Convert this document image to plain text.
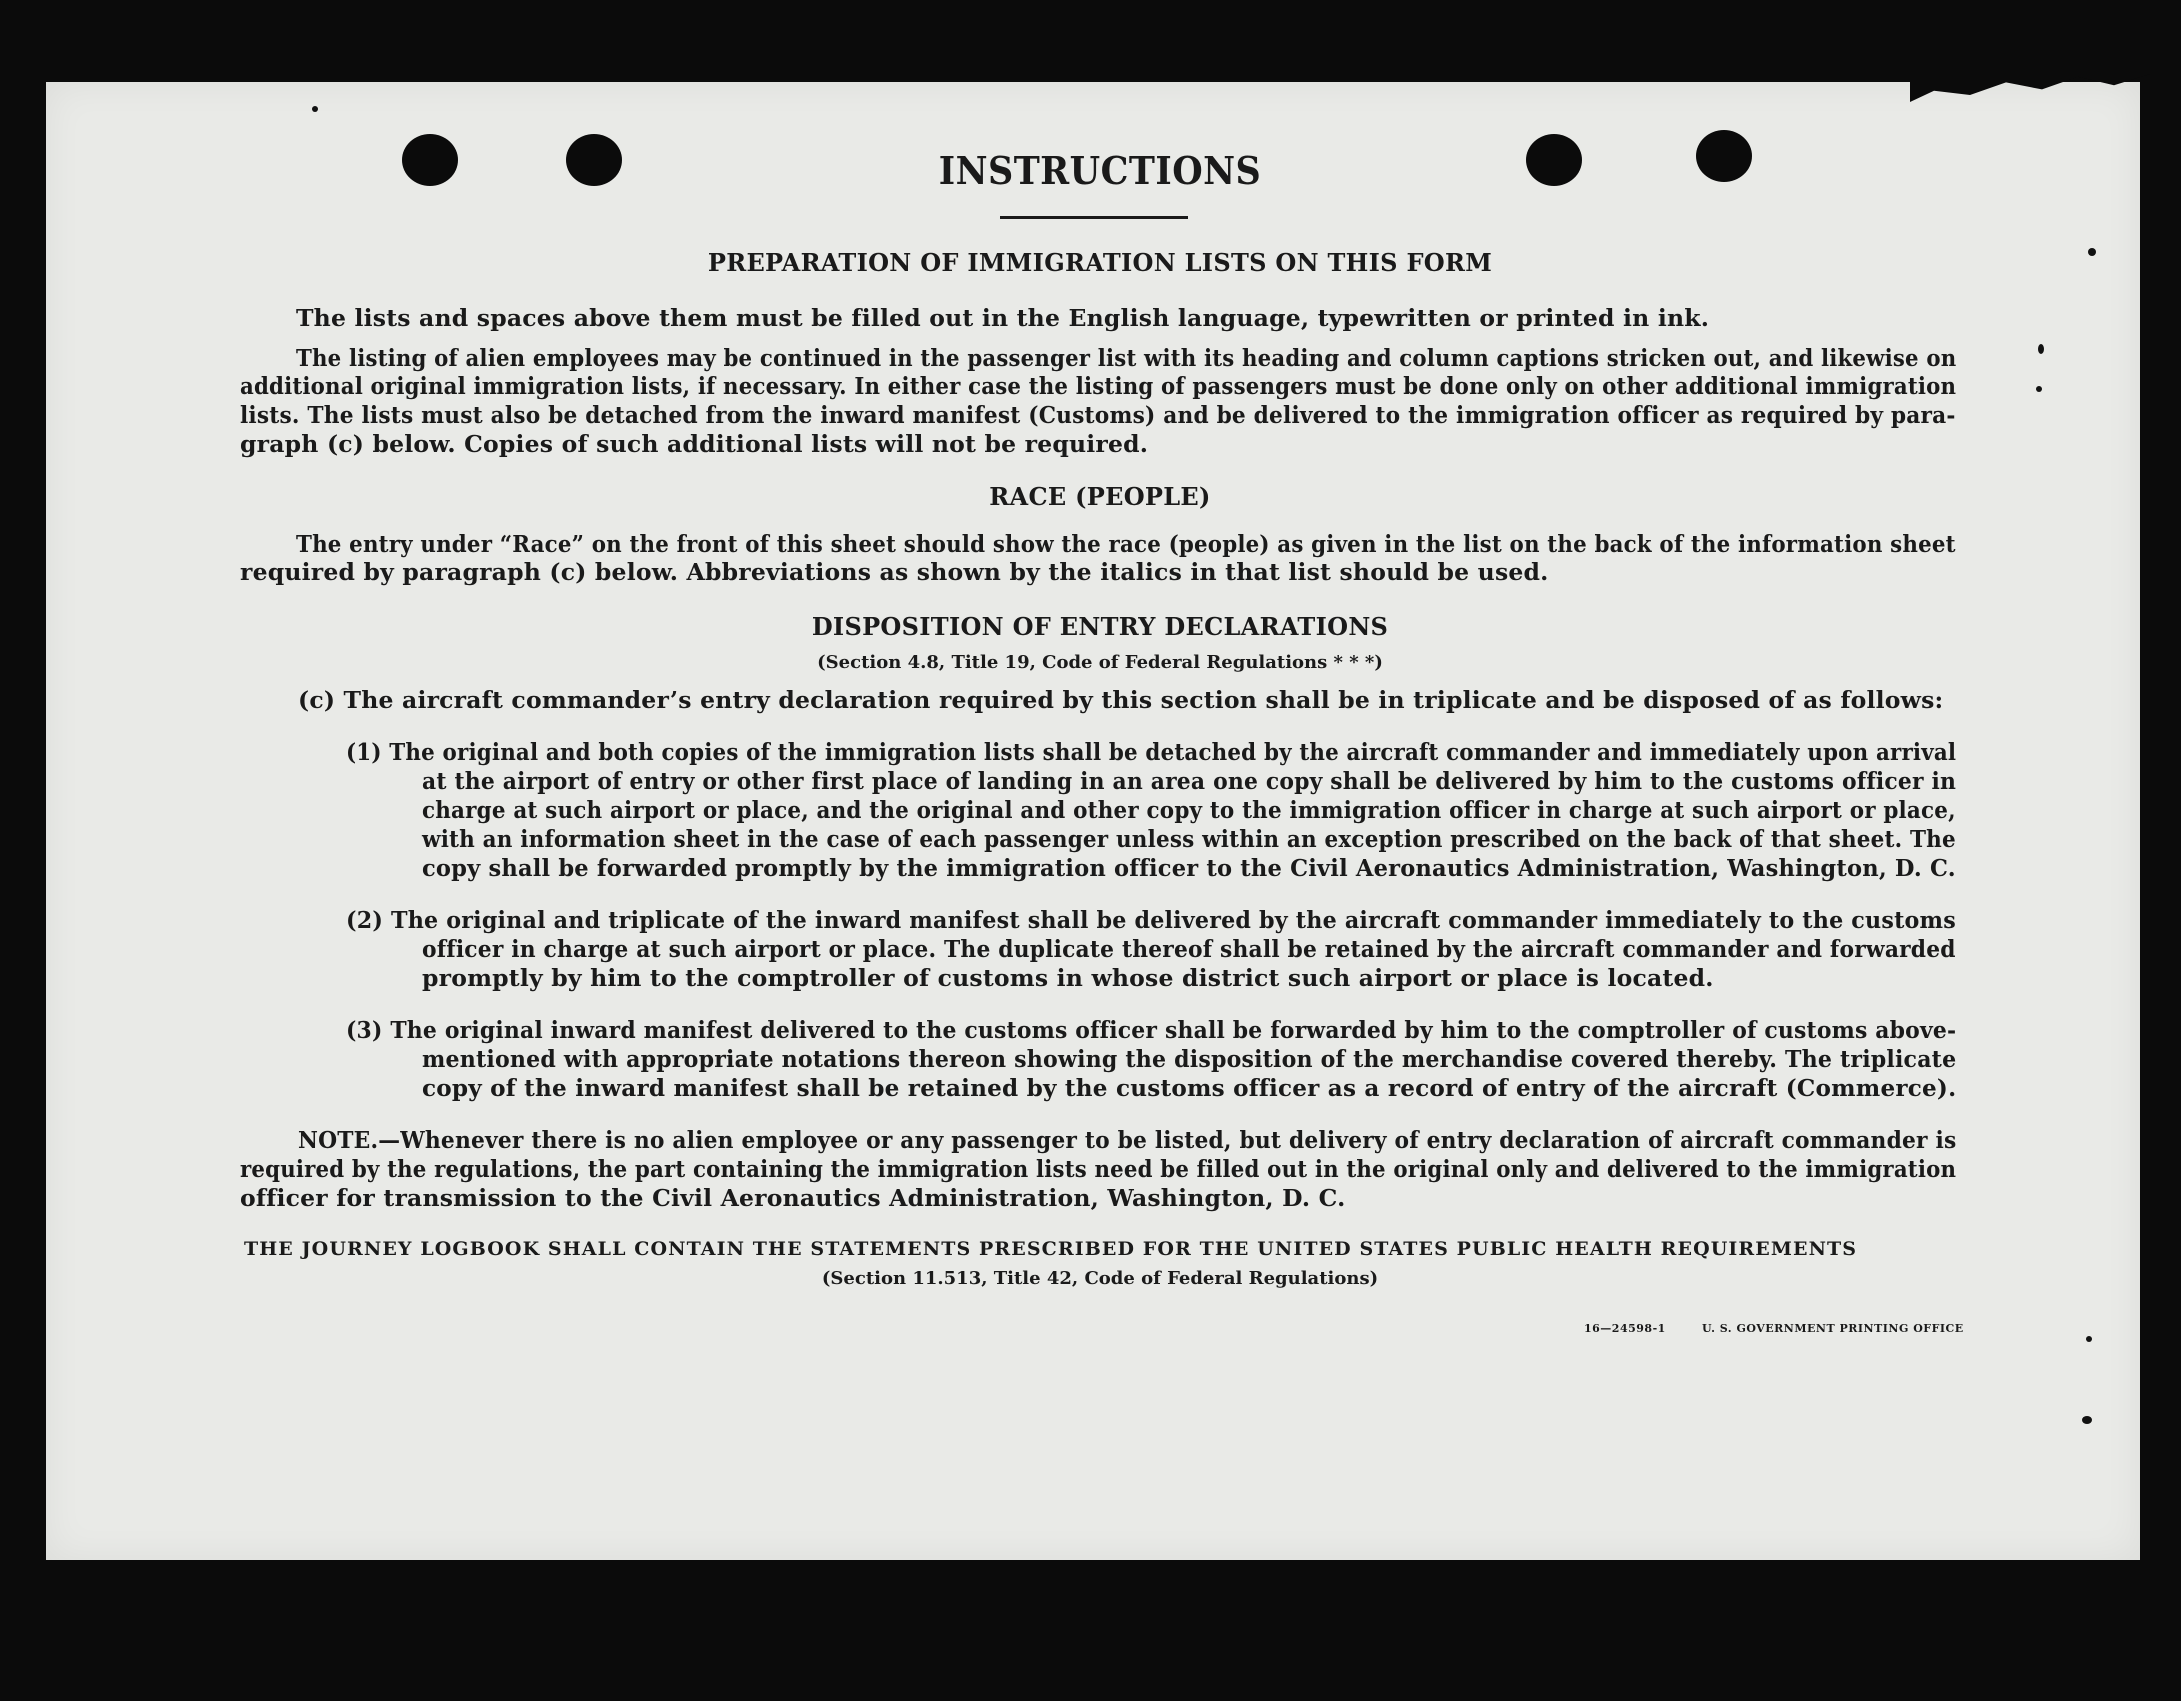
INSTRUCTIONS
PREPARATION OF IMMIGRATION LISTS ON THIS FORM
The lists and spaces above them must be filled out in the English language, typewritten or printed in ink.
The listing of alien employees may be continued in the passenger list with its heading and column captions stricken out, and likewise on
additional original immigration lists, if necessary. In either case the listing of passengers must be done only on other additional immigration
lists. The lists must also be detached from the inward manifest (Customs) and be delivered to the immigration officer as required by para-
graph (c) below. Copies of such additional lists will not be required.
RACE (PEOPLE)
The entry under “Race” on the front of this sheet should show the race (people) as given in the list on the back of the information sheet
required by paragraph (c) below. Abbreviations as shown by the italics in that list should be used.
DISPOSITION OF ENTRY DECLARATIONS
(Section 4.8, Title 19, Code of Federal Regulations * * *)
(c) The aircraft commander’s entry declaration required by this section shall be in triplicate and be disposed of as follows:
(1) The original and both copies of the immigration lists shall be detached by the aircraft commander and immediately upon arrival
at the airport of entry or other first place of landing in an area one copy shall be delivered by him to the customs officer in
charge at such airport or place, and the original and other copy to the immigration officer in charge at such airport or place,
with an information sheet in the case of each passenger unless within an exception prescribed on the back of that sheet. The
copy shall be forwarded promptly by the immigration officer to the Civil Aeronautics Administration, Washington, D. C.
(2) The original and triplicate of the inward manifest shall be delivered by the aircraft commander immediately to the customs
officer in charge at such airport or place. The duplicate thereof shall be retained by the aircraft commander and forwarded
promptly by him to the comptroller of customs in whose district such airport or place is located.
(3) The original inward manifest delivered to the customs officer shall be forwarded by him to the comptroller of customs above-
mentioned with appropriate notations thereon showing the disposition of the merchandise covered thereby. The triplicate
copy of the inward manifest shall be retained by the customs officer as a record of entry of the aircraft (Commerce).
NOTE.—Whenever there is no alien employee or any passenger to be listed, but delivery of entry declaration of aircraft commander is
required by the regulations, the part containing the immigration lists need be filled out in the original only and delivered to the immigration
officer for transmission to the Civil Aeronautics Administration, Washington, D. C.
THE JOURNEY LOGBOOK SHALL CONTAIN THE STATEMENTS PRESCRIBED FOR THE UNITED STATES PUBLIC HEALTH REQUIREMENTS
(Section 11.513, Title 42, Code of Federal Regulations)
16—24598-1	U. S. GOVERNMENT PRINTING OFFICE
